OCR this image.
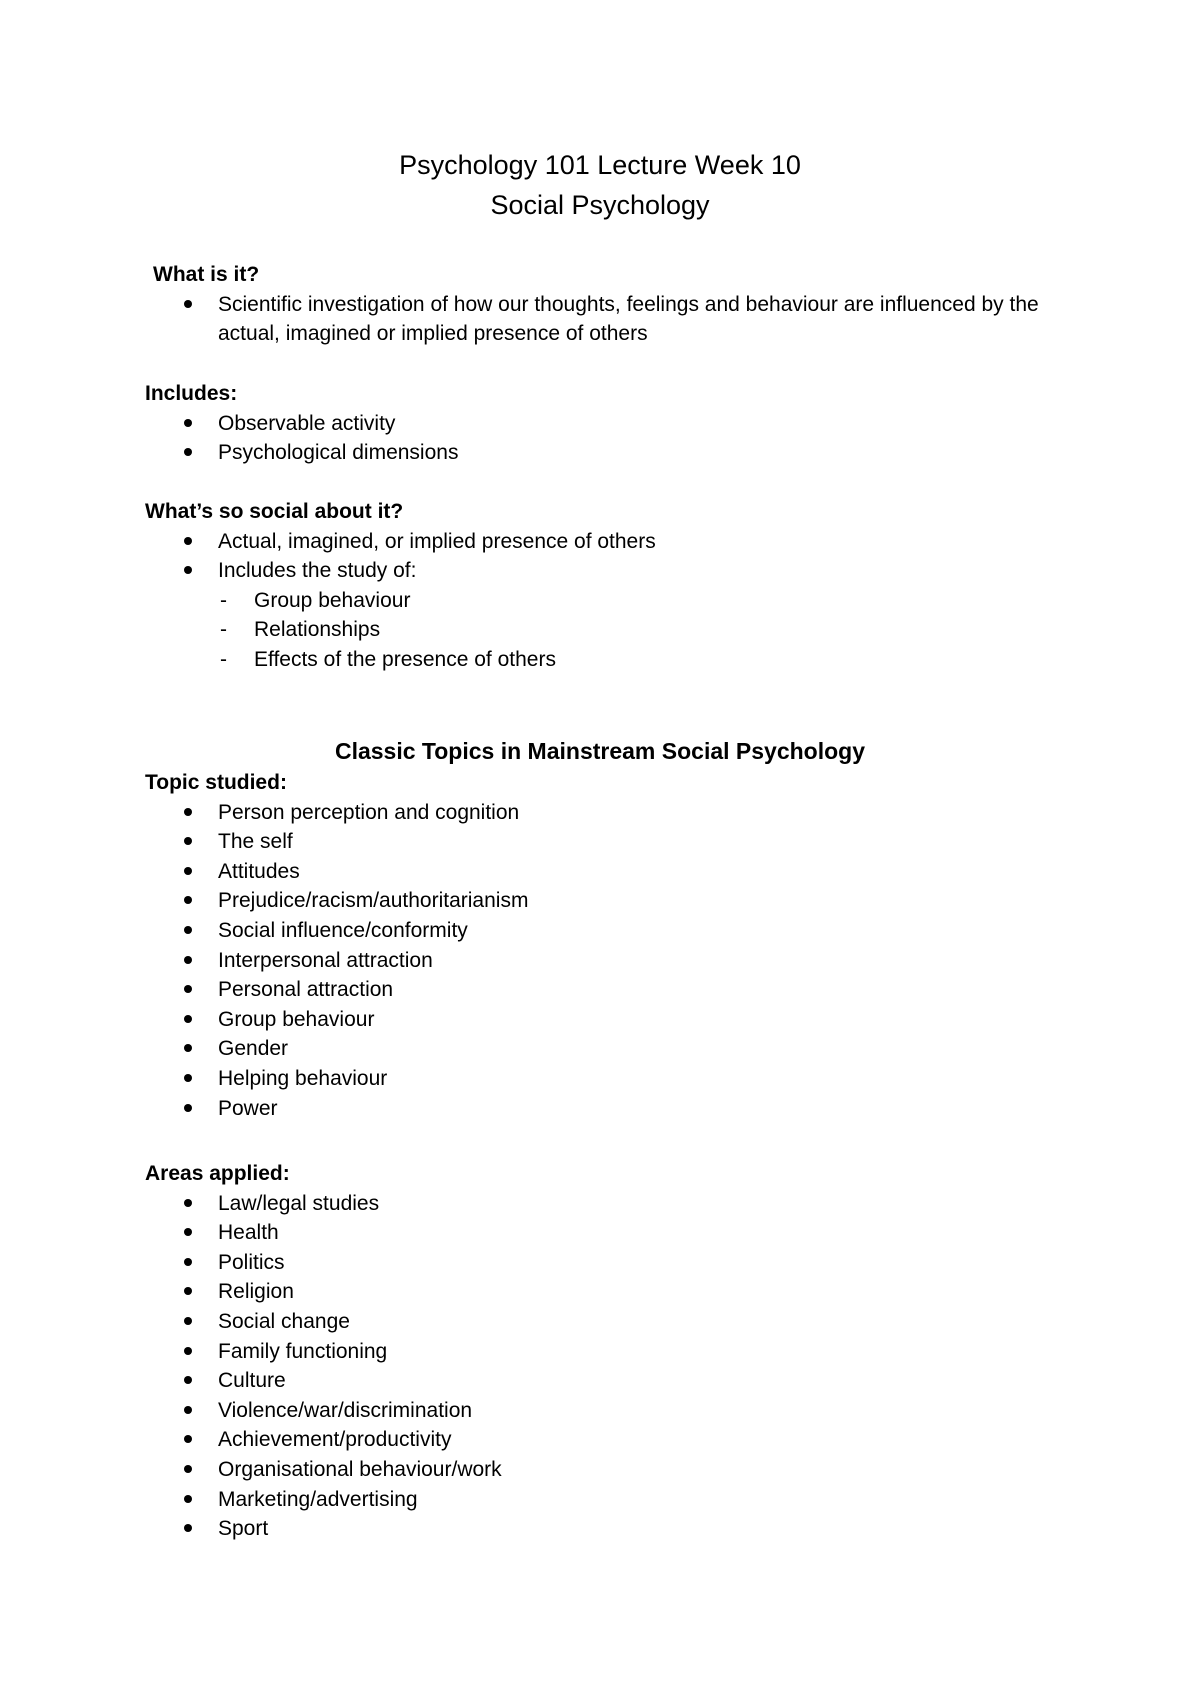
Psychology 101 Lecture Week 10
Social Psychology
What is it?
Scientific investigation of how our thoughts, feelings and behaviour are influenced by the actual, imagined or implied presence of others
Includes:
Observable activity
Psychological dimensions
What’s so social about it?
Actual, imagined, or implied presence of others
Includes the study of:
- Group behaviour
- Relationships
- Effects of the presence of others
Classic Topics in Mainstream Social Psychology
Topic studied:
Person perception and cognition
The self
Attitudes
Prejudice/racism/authoritarianism
Social influence/conformity
Interpersonal attraction
Personal attraction
Group behaviour
Gender
Helping behaviour
Power
Areas applied:
Law/legal studies
Health
Politics
Religion
Social change
Family functioning
Culture
Violence/war/discrimination
Achievement/productivity
Organisational behaviour/work
Marketing/advertising
Sport
